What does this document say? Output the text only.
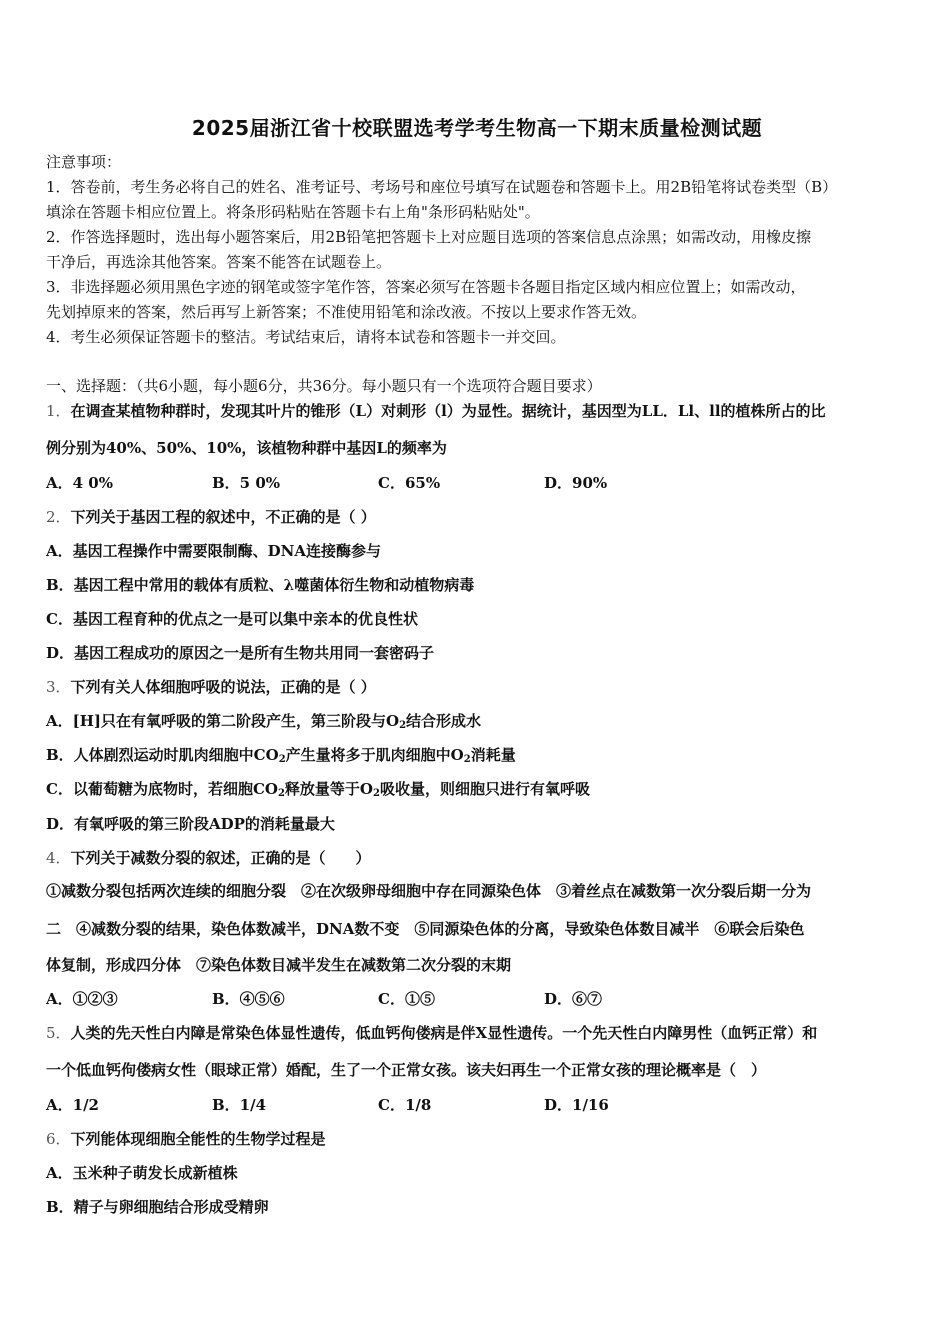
2025届浙江省十校联盟选考学考生物高一下期末质量检测试题
注意事项：
1．答卷前，考生务必将自己的姓名、准考证号、考场号和座位号填写在试题卷和答题卡上。用2B铅笔将试卷类型（B）
填涂在答题卡相应位置上。将条形码粘贴在答题卡右上角"条形码粘贴处"。
2．作答选择题时，选出每小题答案后，用2B铅笔把答题卡上对应题目选项的答案信息点涂黑；如需改动，用橡皮擦
干净后，再选涂其他答案。答案不能答在试题卷上。
3．非选择题必须用黑色字迹的钢笔或签字笔作答，答案必须写在答题卡各题目指定区域内相应位置上；如需改动，
先划掉原来的答案，然后再写上新答案；不准使用铅笔和涂改液。不按以上要求作答无效。
4．考生必须保证答题卡的整洁。考试结束后，请将本试卷和答题卡一并交回。
一、选择题：（共6小题，每小题6分，共36分。每小题只有一个选项符合题目要求）
1．在调查某植物种群时，发现其叶片的锥形（L）对刺形（l）为显性。据统计，基因型为LL．Ll、ll的植株所占的比
例分别为40%、50%、10%，该植物种群中基因L的频率为
A．4 0%	B．5 0%	C．65%	D．90%
2．下列关于基因工程的叙述中，不正确的是（ ）
A．基因工程操作中需要限制酶、DNA连接酶参与
B．基因工程中常用的载体有质粒、λ噬菌体衍生物和动植物病毒
C．基因工程育种的优点之一是可以集中亲本的优良性状
D．基因工程成功的原因之一是所有生物共用同一套密码子
3．下列有关人体细胞呼吸的说法，正确的是（ ）
A．[H]只在有氧呼吸的第二阶段产生，第三阶段与$O_2$结合形成水
B．人体剧烈运动时肌肉细胞中$CO_2$产生量将多于肌肉细胞中$O_2$消耗量
C．以葡萄糖为底物时，若细胞$CO_2$释放量等于$O_2$吸收量，则细胞只进行有氧呼吸
D．有氧呼吸的第三阶段ADP的消耗量最大
4．下列关于减数分裂的叙述，正确的是（　　）
①减数分裂包括两次连续的细胞分裂　②在次级卵母细胞中存在同源染色体　③着丝点在减数第一次分裂后期一分为
二　④减数分裂的结果，染色体数减半，DNA数不变　⑤同源染色体的分离，导致染色体数目减半　⑥联会后染色
体复制，形成四分体　⑦染色体数目减半发生在减数第二次分裂的末期
A．①②③	B．④⑤⑥	C．①⑤	D．⑥⑦
5．人类的先天性白内障是常染色体显性遗传，低血钙佝偻病是伴X显性遗传。一个先天性白内障男性（血钙正常）和
一个低血钙佝偻病女性（眼球正常）婚配，生了一个正常女孩。该夫妇再生一个正常女孩的理论概率是（　）
A．1/2	B．1/4	C．1/8	D．1/16
6．下列能体现细胞全能性的生物学过程是
A．玉米种子萌发长成新植株
B．精子与卵细胞结合形成受精卵
